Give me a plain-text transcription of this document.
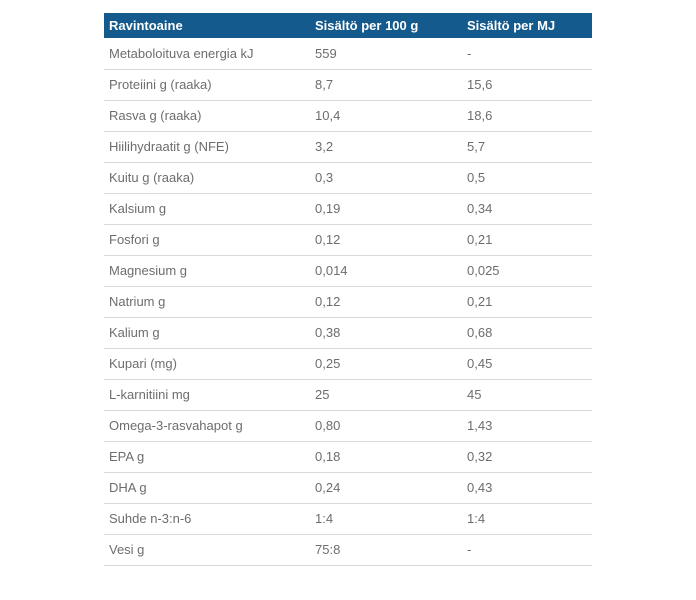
Ravintoaine	Sisältö per 100 g	Sisältö per MJ
Metaboloituva energia kJ	559	-
Proteiini g (raaka)	8,7	15,6
Rasva g (raaka)	10,4	18,6
Hiilihydraatit g (NFE)	3,2	5,7
Kuitu g (raaka)	0,3	0,5
Kalsium g	0,19	0,34
Fosfori g	0,12	0,21
Magnesium g	0,014	0,025
Natrium g	0,12	0,21
Kalium g	0,38	0,68
Kupari (mg)	0,25	0,45
L-karnitiini mg	25	45
Omega-3-rasvahapot g	0,80	1,43
EPA g	0,18	0,32
DHA g	0,24	0,43
Suhde n-3:n-6	1:4	1:4
Vesi g	75:8	-
